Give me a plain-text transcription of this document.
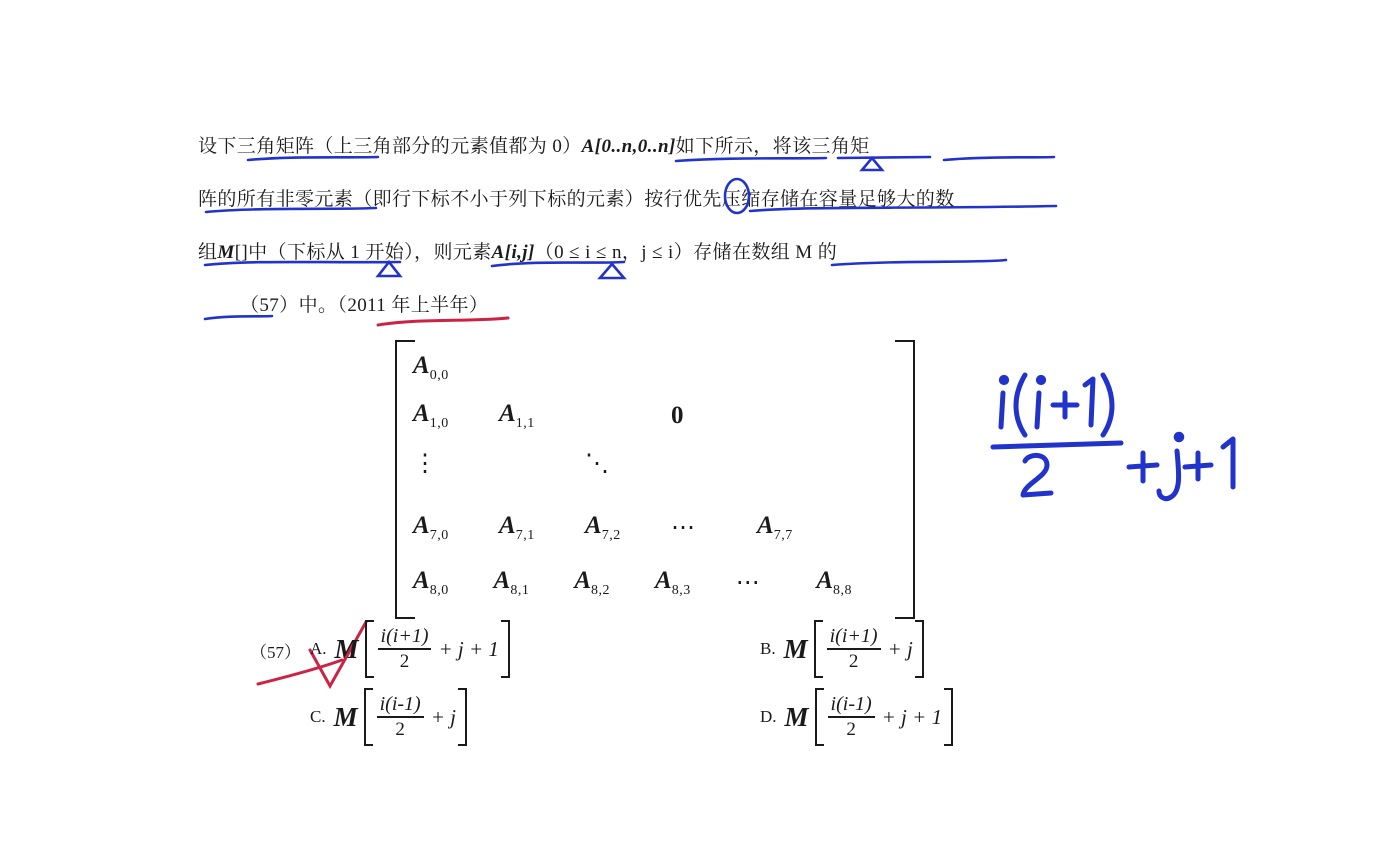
设下三角矩阵（上三角部分的元素值都为 0）A[0..n,0..n]如下所示，将该三角矩
阵的所有非零元素（即行下标不小于列下标的元素）按行优先压缩存储在容量足够大的数
组M[]中（下标从 1 开始），则元素A[i,j]（0 ≤ i ≤ n，j ≤ i）存储在数组 M 的
（57）中。（2011 年上半年）
$A_{0,0}$
$A_{1,0}$	$A_{1,1}$	0
⋮	⋱
$A_{7,0}$	$A_{7,1}$	$A_{7,2}$	⋯	$A_{7,7}$
$A_{8,0}$	$A_{8,1}$	$A_{8,2}$	$A_{8,3}$	⋯	$A_{8,8}$
（57） A. M $\frac{i(i+1)}{2} + j + 1$	B. M $\frac{i(i+1)}{2} + j$
C. M $\frac{i(i-1)}{2} + j$	D. M $\frac{i(i-1)}{2} + j + 1$
